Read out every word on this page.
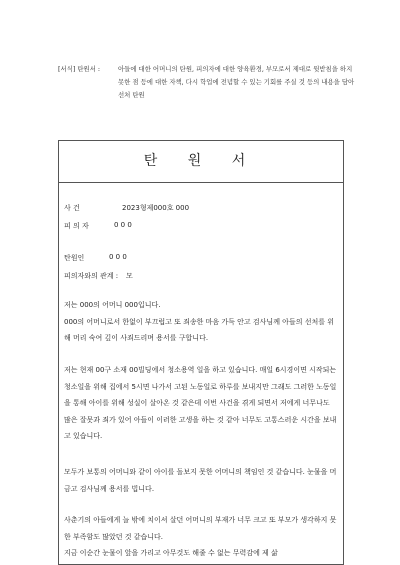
[서식] 탄원서 :	아들에 대한 어머니의 탄원, 피의자에 대한 양육환경, 부모로서 제대로 뒷받침을 하지 못한 점 등에 대한 자책, 다시 학업에 전념할 수 있는 기회를 주실 것 등의 내용을 담아 선처 탄원
탄 원 서
사 건	2023형제000호 000
피 의 자	0 0 0
탄원인	0 0 0
피의자와의 관계 : 모
저는 000의 어머니 000입니다.
000의 어머니로서 한없이 부끄럽고 또 죄송한 마음 가득 안고 검사님께 아들의 선처를 위해 머리 숙여 깊이 사죄드리며 용서를 구합니다.
저는 현재 00구 소재 00빌딩에서 청소용역 일을 하고 있습니다. 매일 6시경이면 시작되는 청소일을 위해 집에서 5시면 나가서 고된 노동일로 하루를 보내지만 그래도 그러한 노동일을 통해 아이를 위해 성실이 살아온 것 같은데 이번 사건을 겪게 되면서 저에게 너무나도 많은 잘못과 죄가 있어 아들이 이러한 고생을 하는 것 같아 너무도 고통스러운 시간을 보내고 있습니다.
모두가 보통의 어머니와 같이 아이를 돌보지 못한 어머니의 책임인 것 같습니다. 눈물을 머금고 검사님께 용서를 빕니다.
사춘기의 아들에게 늘 밖에 치이셔 살던 어머니의 부재가 너무 크고 또 부모가 생각하지 못한 부족함도 많았던 것 같습니다.
지금 이순간 눈물이 앞을 가리고 아무것도 해줄 수 없는 무력감에 제 삶
